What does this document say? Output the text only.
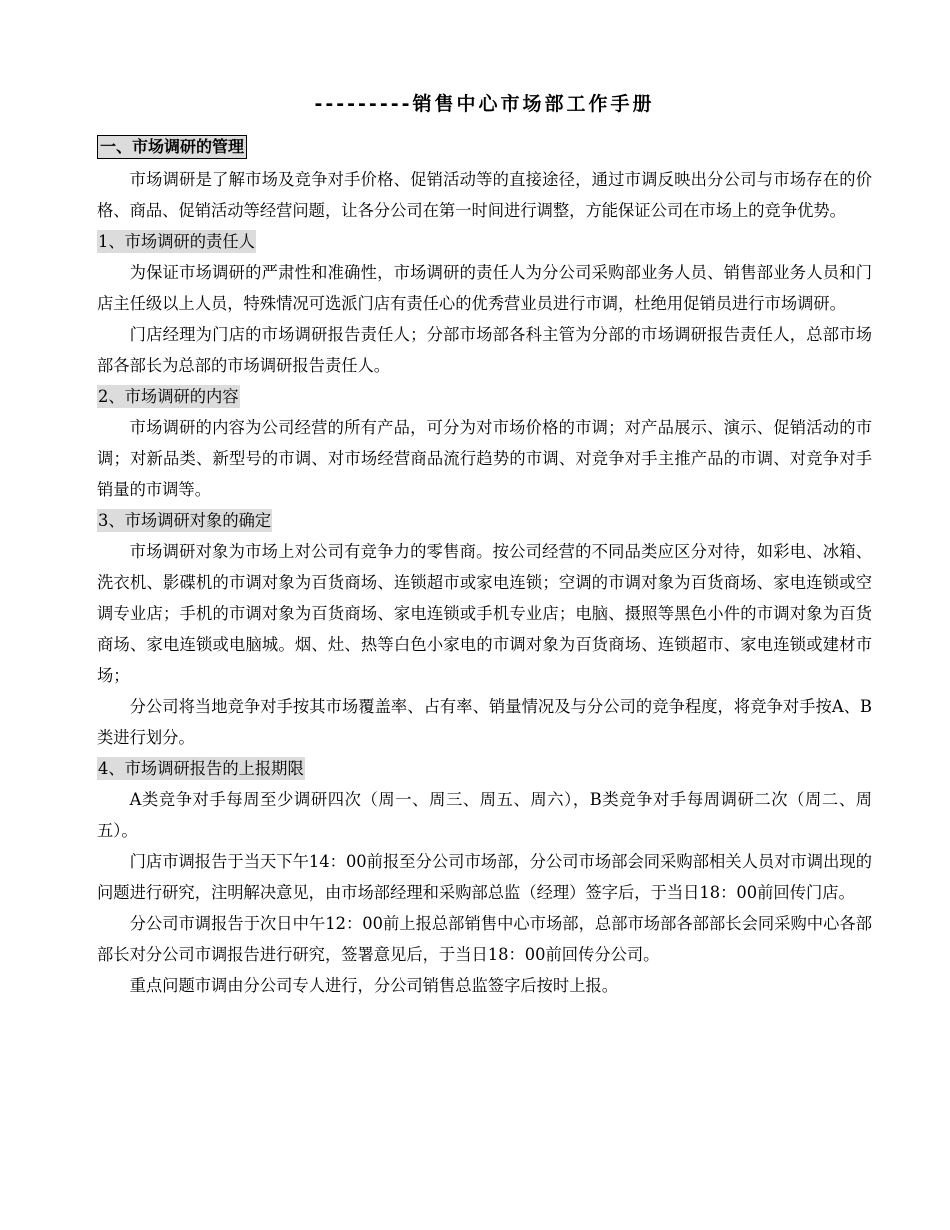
---------销售中心市场部工作手册
一、市场调研的管理

市场调研是了解市场及竞争对手价格、促销活动等的直接途径，通过市调反映出分公司与市场存在的价格、商品、促销活动等经营问题，让各分公司在第一时间进行调整，方能保证公司在市场上的竞争优势。

1、市场调研的责任人

为保证市场调研的严肃性和准确性，市场调研的责任人为分公司采购部业务人员、销售部业务人员和门店主任级以上人员，特殊情况可选派门店有责任心的优秀营业员进行市调，杜绝用促销员进行市场调研。

门店经理为门店的市场调研报告责任人；分部市场部各科主管为分部的市场调研报告责任人，总部市场部各部长为总部的市场调研报告责任人。

2、市场调研的内容

市场调研的内容为公司经营的所有产品，可分为对市场价格的市调；对产品展示、演示、促销活动的市调；对新品类、新型号的市调、对市场经营商品流行趋势的市调、对竞争对手主推产品的市调、对竞争对手销量的市调等。

3、市场调研对象的确定

市场调研对象为市场上对公司有竞争力的零售商。按公司经营的不同品类应区分对待，如彩电、冰箱、洗衣机、影碟机的市调对象为百货商场、连锁超市或家电连锁；空调的市调对象为百货商场、家电连锁或空调专业店；手机的市调对象为百货商场、家电连锁或手机专业店；电脑、摄照等黑色小件的市调对象为百货商场、家电连锁或电脑城。烟、灶、热等白色小家电的市调对象为百货商场、连锁超市、家电连锁或建材市场；

分公司将当地竞争对手按其市场覆盖率、占有率、销量情况及与分公司的竞争程度，将竞争对手按A、B类进行划分。

4、市场调研报告的上报期限

A类竞争对手每周至少调研四次（周一、周三、周五、周六），B类竞争对手每周调研二次（周二、周五）。

门店市调报告于当天下午14：00前报至分公司市场部，分公司市场部会同采购部相关人员对市调出现的问题进行研究，注明解决意见，由市场部经理和采购部总监（经理）签字后，于当日18：00前回传门店。

分公司市调报告于次日中午12：00前上报总部销售中心市场部，总部市场部各部部长会同采购中心各部部长对分公司市调报告进行研究，签署意见后，于当日18：00前回传分公司。

重点问题市调由分公司专人进行，分公司销售总监签字后按时上报。
